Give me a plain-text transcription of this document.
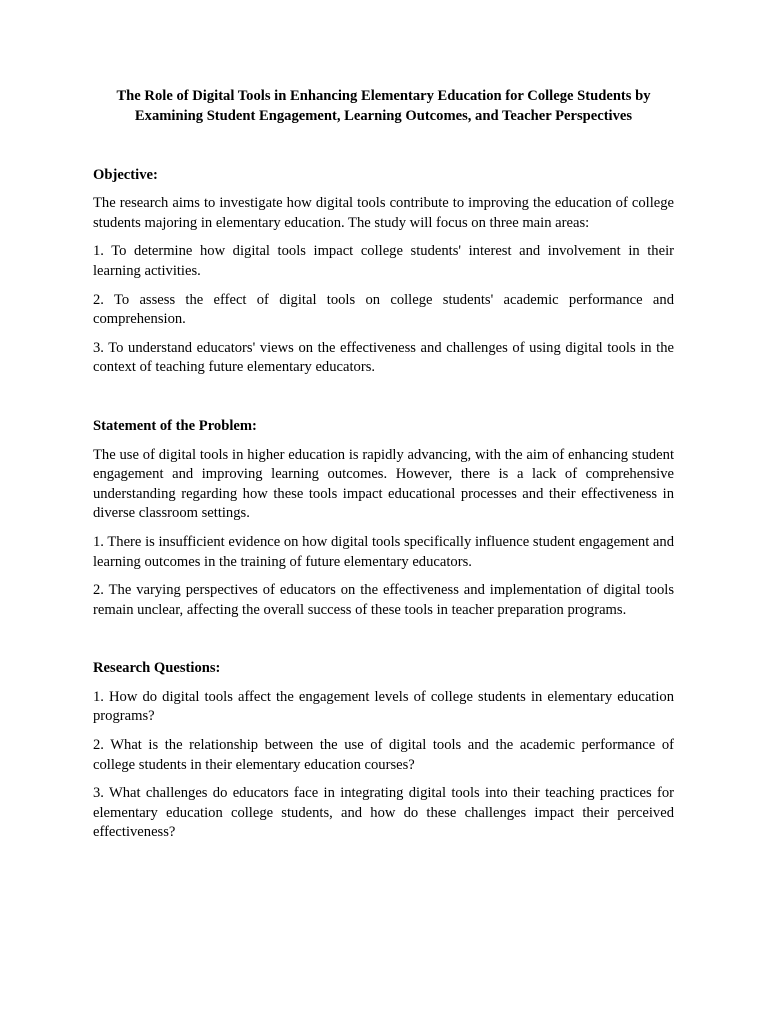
The Role of Digital Tools in Enhancing Elementary Education for College Students by Examining Student Engagement, Learning Outcomes, and Teacher Perspectives
Objective:

The research aims to investigate how digital tools contribute to improving the education of college students majoring in elementary education. The study will focus on three main areas:

1. To determine how digital tools impact college students' interest and involvement in their learning activities.

2. To assess the effect of digital tools on college students' academic performance and comprehension.

3. To understand educators' views on the effectiveness and challenges of using digital tools in the context of teaching future elementary educators.

Statement of the Problem:

The use of digital tools in higher education is rapidly advancing, with the aim of enhancing student engagement and improving learning outcomes. However, there is a lack of comprehensive understanding regarding how these tools impact educational processes and their effectiveness in diverse classroom settings.

1. There is insufficient evidence on how digital tools specifically influence student engagement and learning outcomes in the training of future elementary educators.

2. The varying perspectives of educators on the effectiveness and implementation of digital tools remain unclear, affecting the overall success of these tools in teacher preparation programs.

Research Questions:

1. How do digital tools affect the engagement levels of college students in elementary education programs?

2. What is the relationship between the use of digital tools and the academic performance of college students in their elementary education courses?

3. What challenges do educators face in integrating digital tools into their teaching practices for elementary education college students, and how do these challenges impact their perceived effectiveness?
